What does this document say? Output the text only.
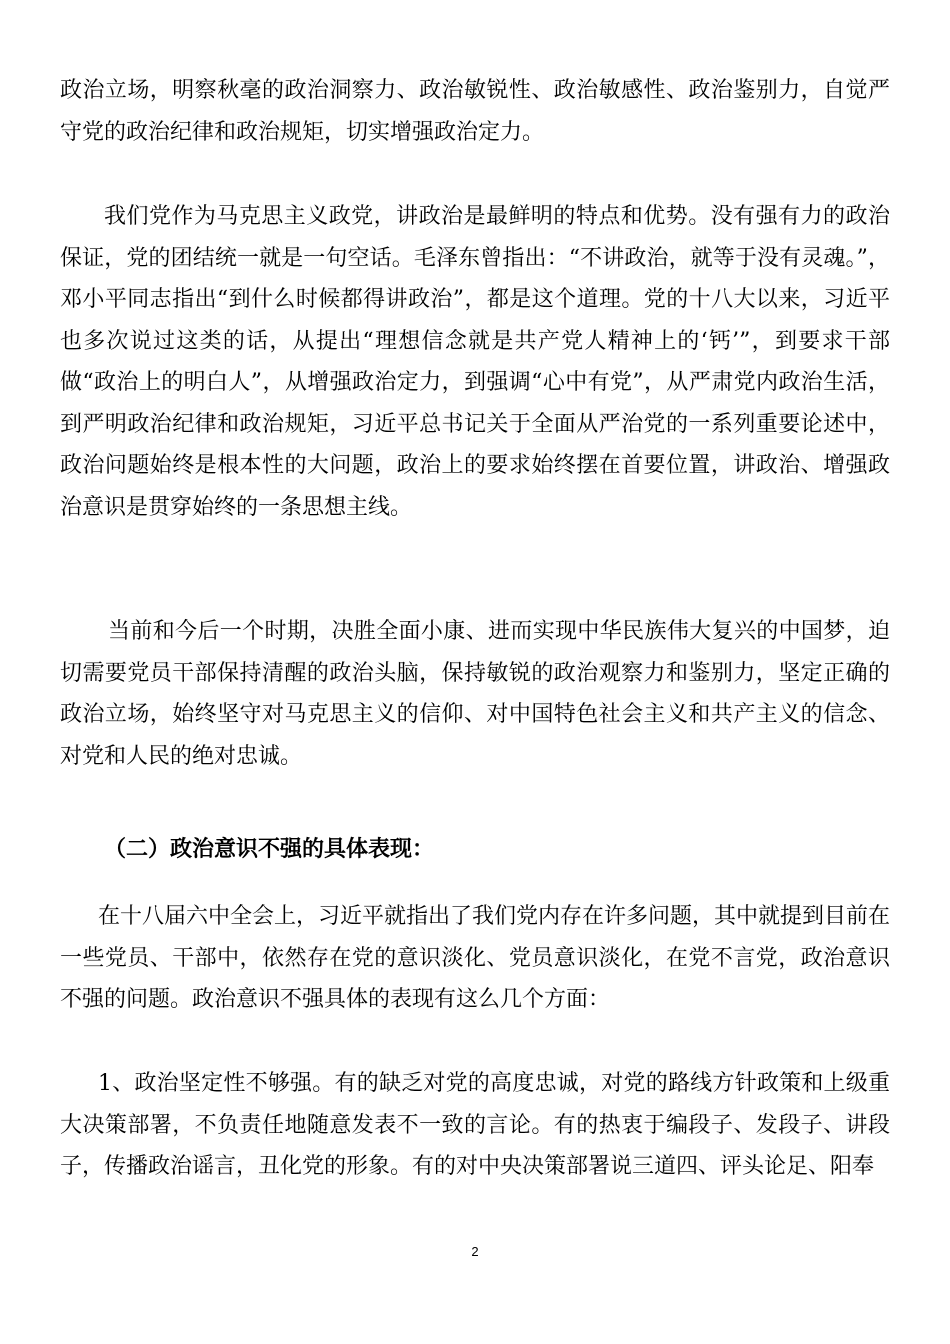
政治立场，明察秋毫的政治洞察力、政治敏锐性、政治敏感性、政治鉴别力，自觉严守党的政治纪律和政治规矩，切实增强政治定力。

我们党作为马克思主义政党，讲政治是最鲜明的特点和优势。没有强有力的政治保证，党的团结统一就是一句空话。毛泽东曾指出：“不讲政治，就等于没有灵魂。”，邓小平同志指出“到什么时候都得讲政治”，都是这个道理。党的十八大以来，习近平也多次说过这类的话，从提出“理想信念就是共产党人精神上的‘钙’”，到要求干部做“政治上的明白人”，从增强政治定力，到强调“心中有党”，从严肃党内政治生活，到严明政治纪律和政治规矩，习近平总书记关于全面从严治党的一系列重要论述中，政治问题始终是根本性的大问题，政治上的要求始终摆在首要位置，讲政治、增强政治意识是贯穿始终的一条思想主线。

当前和今后一个时期，决胜全面小康、进而实现中华民族伟大复兴的中国梦，迫切需要党员干部保持清醒的政治头脑，保持敏锐的政治观察力和鉴别力，坚定正确的政治立场，始终坚守对马克思主义的信仰、对中国特色社会主义和共产主义的信念、对党和人民的绝对忠诚。

（二）政治意识不强的具体表现：

在十八届六中全会上，习近平就指出了我们党内存在许多问题，其中就提到目前在一些党员、干部中，依然存在党的意识淡化、党员意识淡化，在党不言党，政治意识不强的问题。政治意识不强具体的表现有这么几个方面：

1、政治坚定性不够强。有的缺乏对党的高度忠诚，对党的路线方针政策和上级重大决策部署，不负责任地随意发表不一致的言论。有的热衷于编段子、发段子、讲段子，传播政治谣言，丑化党的形象。有的对中央决策部署说三道四、评头论足、阳奉

2
